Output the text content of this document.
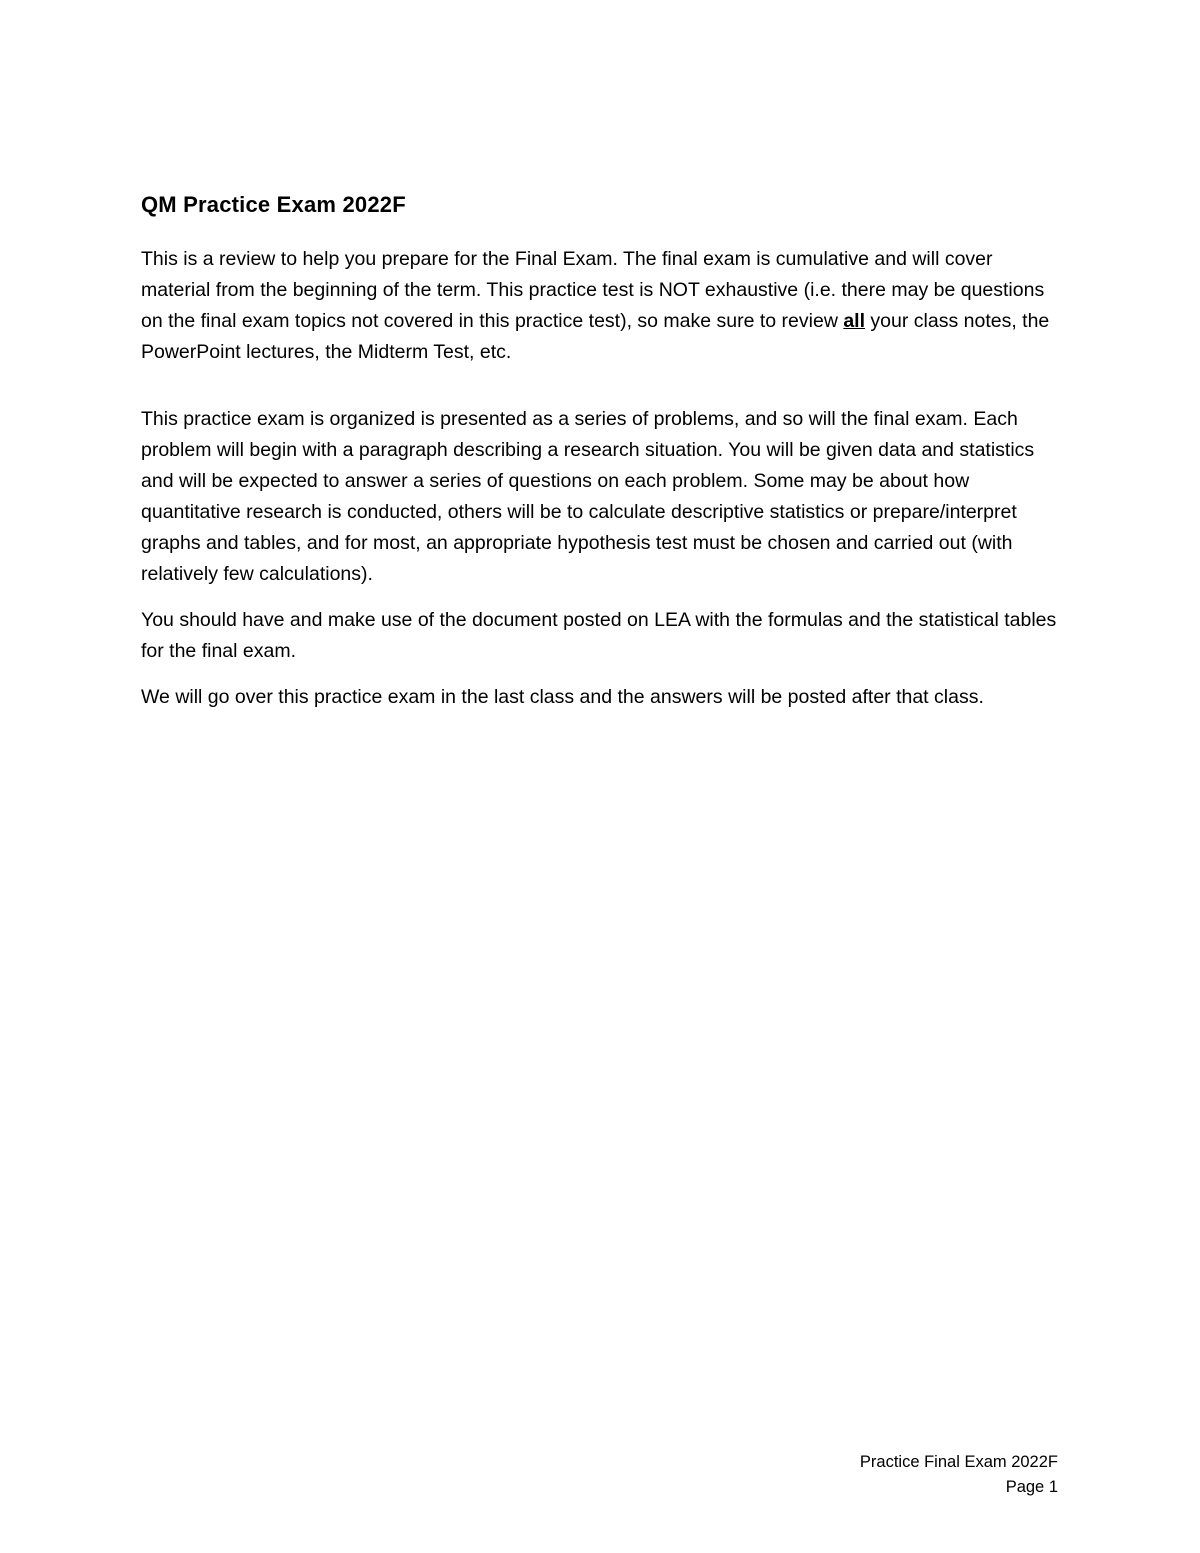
QM Practice Exam 2022F

This is a review to help you prepare for the Final Exam. The final exam is cumulative and will cover material from the beginning of the term. This practice test is NOT exhaustive (i.e. there may be questions on the final exam topics not covered in this practice test), so make sure to review all your class notes, the PowerPoint lectures, the Midterm Test, etc.

This practice exam is organized is presented as a series of problems, and so will the final exam. Each problem will begin with a paragraph describing a research situation. You will be given data and statistics and will be expected to answer a series of questions on each problem. Some may be about how quantitative research is conducted, others will be to calculate descriptive statistics or prepare/interpret graphs and tables, and for most, an appropriate hypothesis test must be chosen and carried out (with relatively few calculations).

You should have and make use of the document posted on LEA with the formulas and the statistical tables for the final exam.

We will go over this practice exam in the last class and the answers will be posted after that class.

Practice Final Exam 2022F
Page 1
